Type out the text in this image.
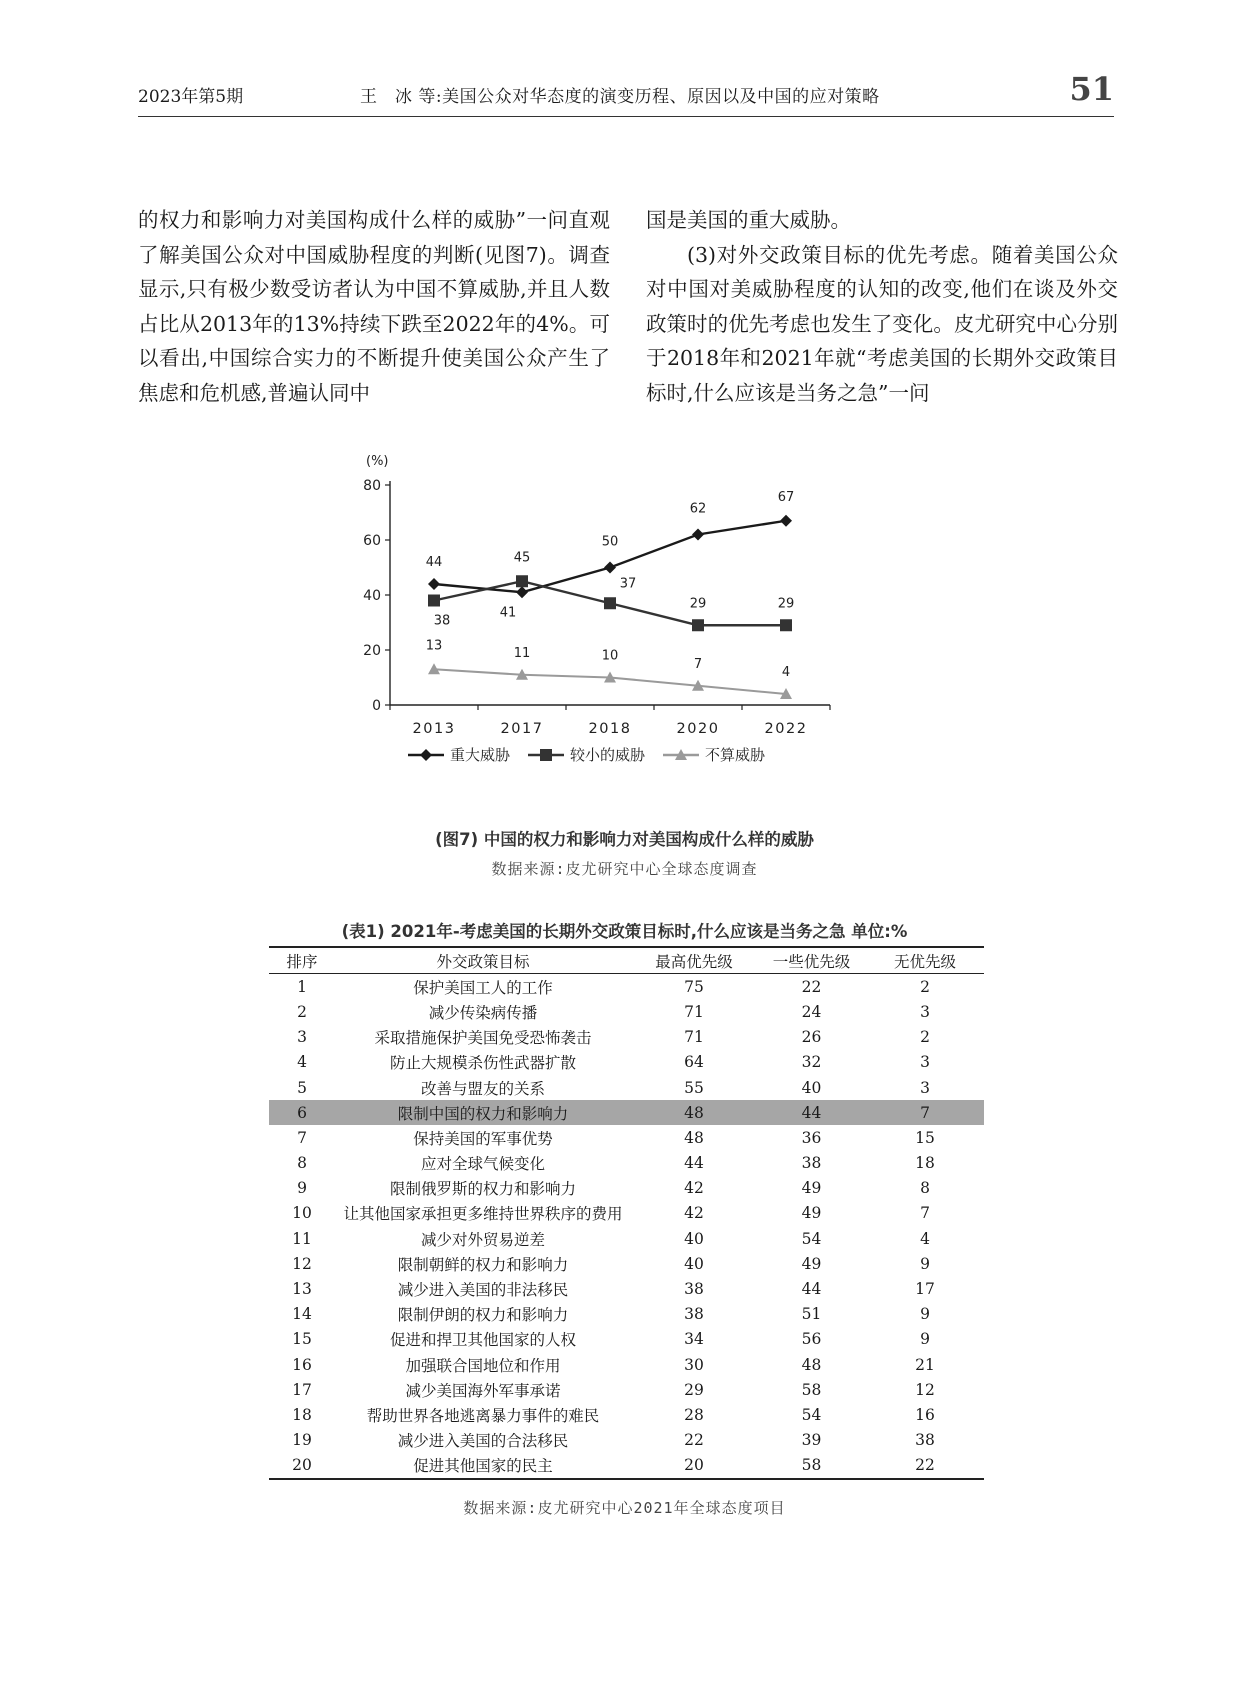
2023年第5期	王　冰 等:美国公众对华态度的演变历程、原因以及中国的应对策略	51

的权力和影响力对美国构成什么样的威胁”一问直观了解美国公众对中国威胁程度的判断(见图7)。调查显示,只有极少数受访者认为中国不算威胁,并且人数占比从2013年的13%持续下跌至2022年的4%。可以看出,中国综合实力的不断提升使美国公众产生了焦虑和危机感,普遍认同中

国是美国的重大威胁。

(3)对外交政策目标的优先考虑。随着美国公众对中国对美威胁程度的认知的改变,他们在谈及外交政策时的优先考虑也发生了变化。皮尤研究中心分别于2018年和2021年就“考虑美国的长期外交政策目标时,什么应该是当务之急”一问

0
20
40
60
80
(%)
2013	2017	2018	2020	2022
44
41
50
62
67
38
45
37
29	29
13	11	10
7
4
重大威胁	较小的威胁	不算威胁
(图7) 中国的权力和影响力对美国构成什么样的威胁
数据来源:皮尤研究中心全球态度调查
(表1) 2021年-考虑美国的长期外交政策目标时,什么应该是当务之急 单位:%
排序	外交政策目标	最高优先级	一些优先级	无优先级
1	保护美国工人的工作	75	22	2
2	减少传染病传播	71	24	3
3	采取措施保护美国免受恐怖袭击	71	26	2
4	防止大规模杀伤性武器扩散	64	32	3
5	改善与盟友的关系	55	40	3
6	限制中国的权力和影响力	48	44	7
7	保持美国的军事优势	48	36	15
8	应对全球气候变化	44	38	18
9	限制俄罗斯的权力和影响力	42	49	8
10	让其他国家承担更多维持世界秩序的费用	42	49	7
11	减少对外贸易逆差	40	54	4
12	限制朝鲜的权力和影响力	40	49	9
13	减少进入美国的非法移民	38	44	17
14	限制伊朗的权力和影响力	38	51	9
15	促进和捍卫其他国家的人权	34	56	9
16	加强联合国地位和作用	30	48	21
17	减少美国海外军事承诺	29	58	12
18	帮助世界各地逃离暴力事件的难民	28	54	16
19	减少进入美国的合法移民	22	39	38
20	促进其他国家的民主	20	58	22
数据来源:皮尤研究中心2021年全球态度项目
